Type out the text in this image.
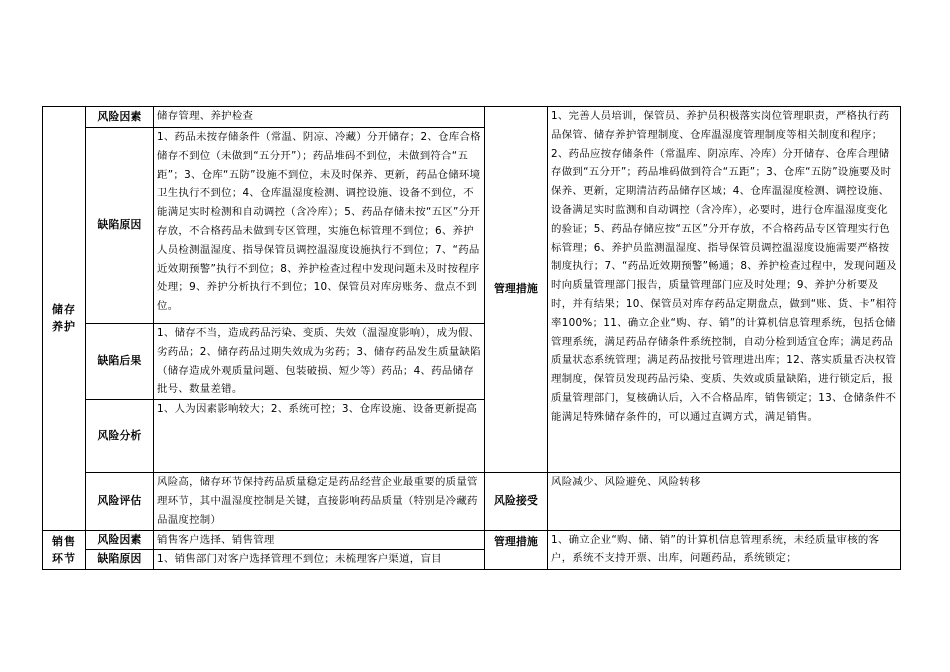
储存
养护	风险因素	储存管理、养护检查	管理措施	1、完善人员培训，保管员、养护员积极落实岗位管理职责，严格执行药品保管、储存养护管理制度、仓库温湿度管理制度等相关制度和程序；2、药品应按存储条件（常温库、阴凉库、冷库）分开储存、仓库合理储存做到“五分开”；药品堆码做到符合“五距”；3、仓库“五防”设施要及时保养、更新，定期清洁药品储存区域；4、仓库温湿度检测、调控设施、设备满足实时监测和自动调控（含冷库），必要时，进行仓库温湿度变化的验证；5、药品存储应按“五区”分开存放，不合格药品专区管理实行色标管理；6、养护员监测温湿度、指导保管员调控温湿度设施需要严格按制度执行；7、“药品近效期预警”畅通；8、养护检查过程中，发现问题及时向质量管理部门报告，质量管理部门应及时处理；9、养护分析要及时，并有结果；10、保管员对库存药品定期盘点，做到“账、货、卡”相符率100%；11、确立企业“购、存、销”的计算机信息管理系统，包括仓储管理系统，满足药品存储条件系统控制，自动分检到适宜仓库；满足药品质量状态系统管理；满足药品按批号管理进出库；12、落实质量否决权管理制度，保管员发现药品污染、变质、失效或质量缺陷，进行锁定后，报质量管理部门，复核确认后，入不合格品库，销售锁定；13、仓储条件不能满足特殊储存条件的，可以通过直调方式，满足销售。
	缺陷原因	1、药品未按存储条件（常温、阴凉、冷藏）分开储存；2、仓库合格储存不到位（未做到“五分开”）；药品堆码不到位，未做到符合“五距”；3、仓库“五防”设施不到位，未及时保养、更新，药品仓储环境卫生执行不到位；4、仓库温湿度检测、调控设施、设备不到位，不能满足实时检测和自动调控（含冷库）；5、药品存储未按“五区”分开存放，不合格药品未做到专区管理，实施色标管理不到位；6、养护人员检测温湿度、指导保管员调控温湿度设施执行不到位；7、“药品近效期预警”执行不到位；8、养护检查过程中发现问题未及时按程序处理；9、养护分析执行不到位；10、保管员对库房账务、盘点不到位。		
	缺陷后果	1、储存不当，造成药品污染、变质、失效（温湿度影响），成为假、劣药品；2、储存药品过期失效成为劣药；3、储存药品发生质量缺陷（储存造成外观质量问题、包装破损、短少等）药品；4、药品储存批号、数量差错。		
	风险分析	1、人为因素影响较大；2、系统可控；3、仓库设施、设备更新提高		
	风险评估	风险高，储存环节保持药品质量稳定是药品经营企业最重要的质量管理环节，其中温湿度控制是关键，直接影响药品质量（特别是冷藏药品温度控制）	风险接受	风险减少、风险避免、风险转移

销售
环节	风险因素	销售客户选择、销售管理	管理措施	1、确立企业“购、储、销”的计算机信息管理系统，未经质量审核的客户，系统不支持开票、出库，问题药品，系统锁定；
	缺陷原因	1、销售部门对客户选择管理不到位；未梳理客户渠道，盲目		
